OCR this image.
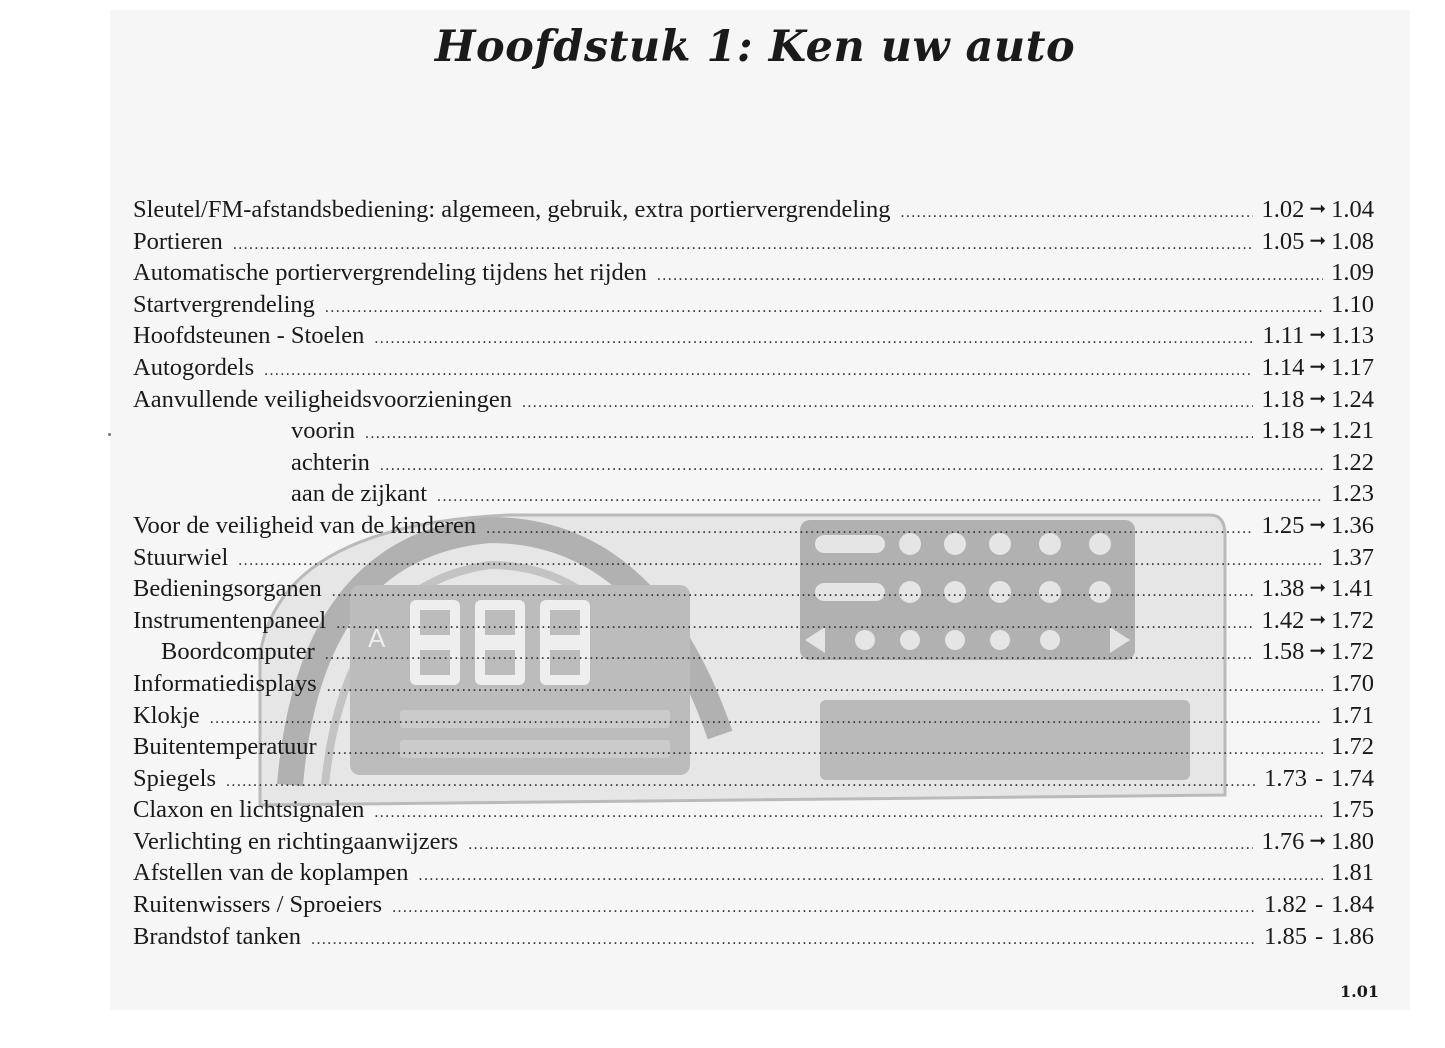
Hoofdstuk 1: Ken uw auto
A
Sleutel/FM-afstandsbediening: algemeen, gebruik, extra portiervergrendeling .....	1.02 ➞ 1.04
Portieren .....	1.05 ➞ 1.08
Automatische portiervergrendeling tijdens het rijden .....	1.09
Startvergrendeling .....	1.10
Hoofdsteunen - Stoelen .....	1.11 ➞ 1.13
Autogordels .....	1.14 ➞ 1.17
Aanvullende veiligheidsvoorzieningen .....	1.18 ➞ 1.24
voorin .....	1.18 ➞ 1.21
achterin .....	1.22
aan de zijkant .....	1.23
Voor de veiligheid van de kinderen .....	1.25 ➞ 1.36
Stuurwiel .....	1.37
Bedieningsorganen .....	1.38 ➞ 1.41
Instrumentenpaneel .....	1.42 ➞ 1.72
Boordcomputer .....	1.58 ➞ 1.72
Informatiedisplays .....	1.70
Klokje .....	1.71
Buitentemperatuur .....	1.72
Spiegels .....	1.73 - 1.74
Claxon en lichtsignalen .....	1.75
Verlichting en richtingaanwijzers .....	1.76 ➞ 1.80
Afstellen van de koplampen .....	1.81
Ruitenwissers / Sproeiers .....	1.82 - 1.84
Brandstof tanken .....	1.85 - 1.86
1.01
